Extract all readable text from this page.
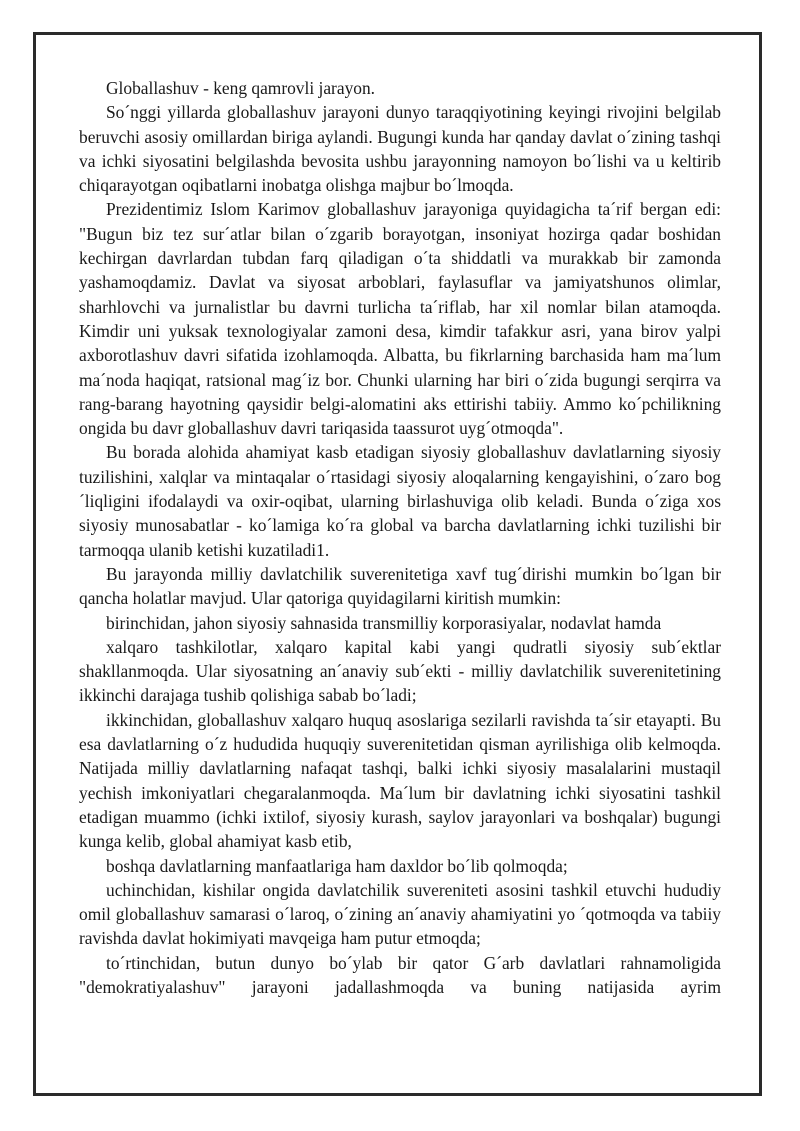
Globallashuv - keng qamrovli jarayon.

So´nggi yillarda globallashuv jarayoni dunyo taraqqiyotining keyingi rivojini belgilab beruvchi asosiy omillardan biriga aylandi. Bugungi kunda har qanday davlat o´zining tashqi va ichki siyosatini belgilashda bevosita ushbu jarayonning namoyon bo´lishi va u keltirib chiqarayotgan oqibatlarni inobatga olishga majbur bo´lmoqda.

Prezidentimiz Islom Karimov globallashuv jarayoniga quyidagicha ta´rif bergan edi: "Bugun biz tez sur´atlar bilan o´zgarib borayotgan, insoniyat hozirga qadar boshidan kechirgan davrlardan tubdan farq qiladigan o´ta shiddatli va murakkab bir zamonda yashamoqdamiz. Davlat va siyosat arboblari, faylasuflar va jamiyatshunos olimlar, sharhlovchi va jurnalistlar bu davrni turlicha ta´riflab, har xil nomlar bilan atamoqda. Kimdir uni yuksak texnologiyalar zamoni desa, kimdir tafakkur asri, yana birov yalpi axborotlashuv davri sifatida izohlamoqda. Albatta, bu fikrlarning barchasida ham ma´lum ma´noda haqiqat, ratsional mag´iz bor. Chunki ularning har biri o´zida bugungi serqirra va rang-barang hayotning qaysidir belgi-alomatini aks ettirishi tabiiy. Ammo ko´pchilikning ongida bu davr globallashuv davri tariqasida taassurot uyg´otmoqda".

Bu borada alohida ahamiyat kasb etadigan siyosiy globallashuv davlatlarning siyosiy tuzilishini, xalqlar va mintaqalar o´rtasidagi siyosiy aloqalarning kengayishini, o´zaro bog´liqligini ifodalaydi va oxir-oqibat, ularning birlashuviga olib keladi. Bunda o´ziga xos siyosiy munosabatlar - ko´lamiga ko´ra global va barcha davlatlarning ichki tuzilishi bir tarmoqqa ulanib ketishi kuzatiladi1.

Bu jarayonda milliy davlatchilik suverenitetiga xavf tug´dirishi mumkin bo´lgan bir qancha holatlar mavjud. Ular qatoriga quyidagilarni kiritish mumkin:

birinchidan, jahon siyosiy sahnasida transmilliy korporasiyalar, nodavlat hamda

xalqaro tashkilotlar, xalqaro kapital kabi yangi qudratli siyosiy sub´ektlar shakllanmoqda. Ular siyosatning an´anaviy sub´ekti - milliy davlatchilik suverenitetining ikkinchi darajaga tushib qolishiga sabab bo´ladi;

ikkinchidan, globallashuv xalqaro huquq asoslariga sezilarli ravishda ta´sir etayapti. Bu esa davlatlarning o´z hududida huquqiy suverenitetidan qisman ayrilishiga olib kelmoqda. Natijada milliy davlatlarning nafaqat tashqi, balki ichki siyosiy masalalarini mustaqil yechish imkoniyatlari chegaralanmoqda. Ma´lum bir davlatning ichki siyosatini tashkil etadigan muammo (ichki ixtilof, siyosiy kurash, saylov jarayonlari va boshqalar) bugungi kunga kelib, global ahamiyat kasb etib,

boshqa davlatlarning manfaatlariga ham daxldor bo´lib qolmoqda;

uchinchidan, kishilar ongida davlatchilik suvereniteti asosini tashkil etuvchi hududiy omil globallashuv samarasi o´laroq, o´zining an´anaviy ahamiyatini yo ´qotmoqda va tabiiy ravishda davlat hokimiyati mavqeiga ham putur etmoqda;

to´rtinchidan, butun dunyo bo´ylab bir qator G´arb davlatlari rahnamoligida "demokratiyalashuv" jarayoni jadallashmoqda va buning natijasida ayrim
